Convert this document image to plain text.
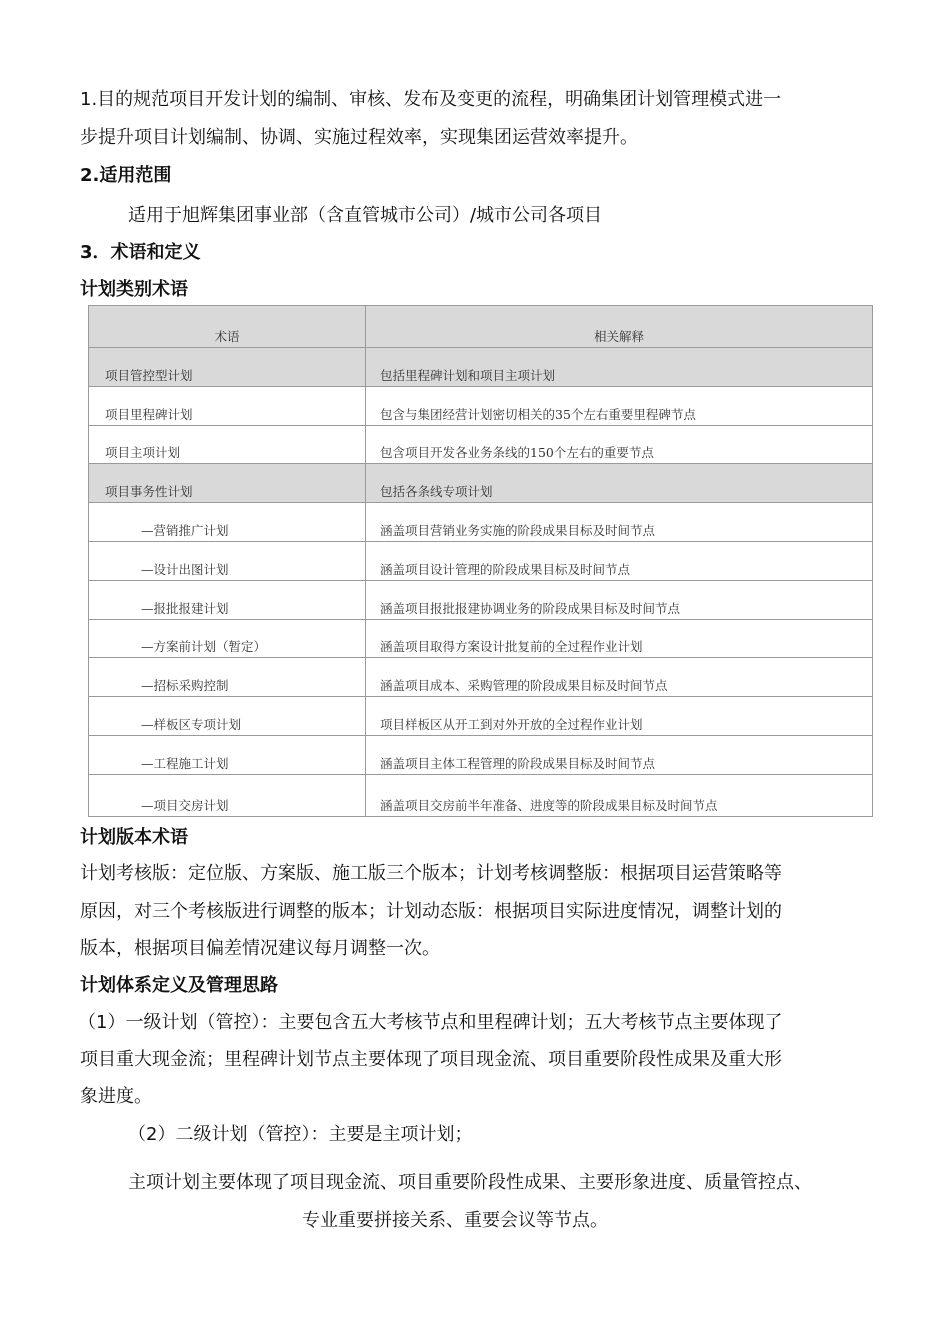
1.目的规范项目开发计划的编制、审核、发布及变更的流程，明确集团计划管理模式进一
步提升项目计划编制、协调、实施过程效率，实现集团运营效率提升。
2.适用范围
适用于旭辉集团事业部（含直管城市公司）/城市公司各项目
3．术语和定义
计划类别术语
术语	相关解释

项目管控型计划	包括里程碑计划和项目主项计划

项目里程碑计划	包含与集团经营计划密切相关的35个左右重要里程碑节点

项目主项计划	包含项目开发各业务条线的150个左右的重要节点

项目事务性计划	包括各条线专项计划

—营销推广计划	涵盖项目营销业务实施的阶段成果目标及时间节点

—设计出图计划	涵盖项目设计管理的阶段成果目标及时间节点

—报批报建计划	涵盖项目报批报建协调业务的阶段成果目标及时间节点

—方案前计划（暂定）	涵盖项目取得方案设计批复前的全过程作业计划

—招标采购控制	涵盖项目成本、采购管理的阶段成果目标及时间节点

—样板区专项计划	项目样板区从开工到对外开放的全过程作业计划

—工程施工计划	涵盖项目主体工程管理的阶段成果目标及时间节点

—项目交房计划	涵盖项目交房前半年准备、进度等的阶段成果目标及时间节点
计划版本术语
计划考核版：定位版、方案版、施工版三个版本；计划考核调整版：根据项目运营策略等
原因，对三个考核版进行调整的版本；计划动态版：根据项目实际进度情况，调整计划的
版本，根据项目偏差情况建议每月调整一次。
计划体系定义及管理思路
（1）一级计划（管控）：主要包含五大考核节点和里程碑计划；五大考核节点主要体现了
项目重大现金流；里程碑计划节点主要体现了项目现金流、项目重要阶段性成果及重大形
象进度。
（2）二级计划（管控）：主要是主项计划；
主项计划主要体现了项目现金流、项目重要阶段性成果、主要形象进度、质量管控点、
专业重要拼接关系、重要会议等节点。
